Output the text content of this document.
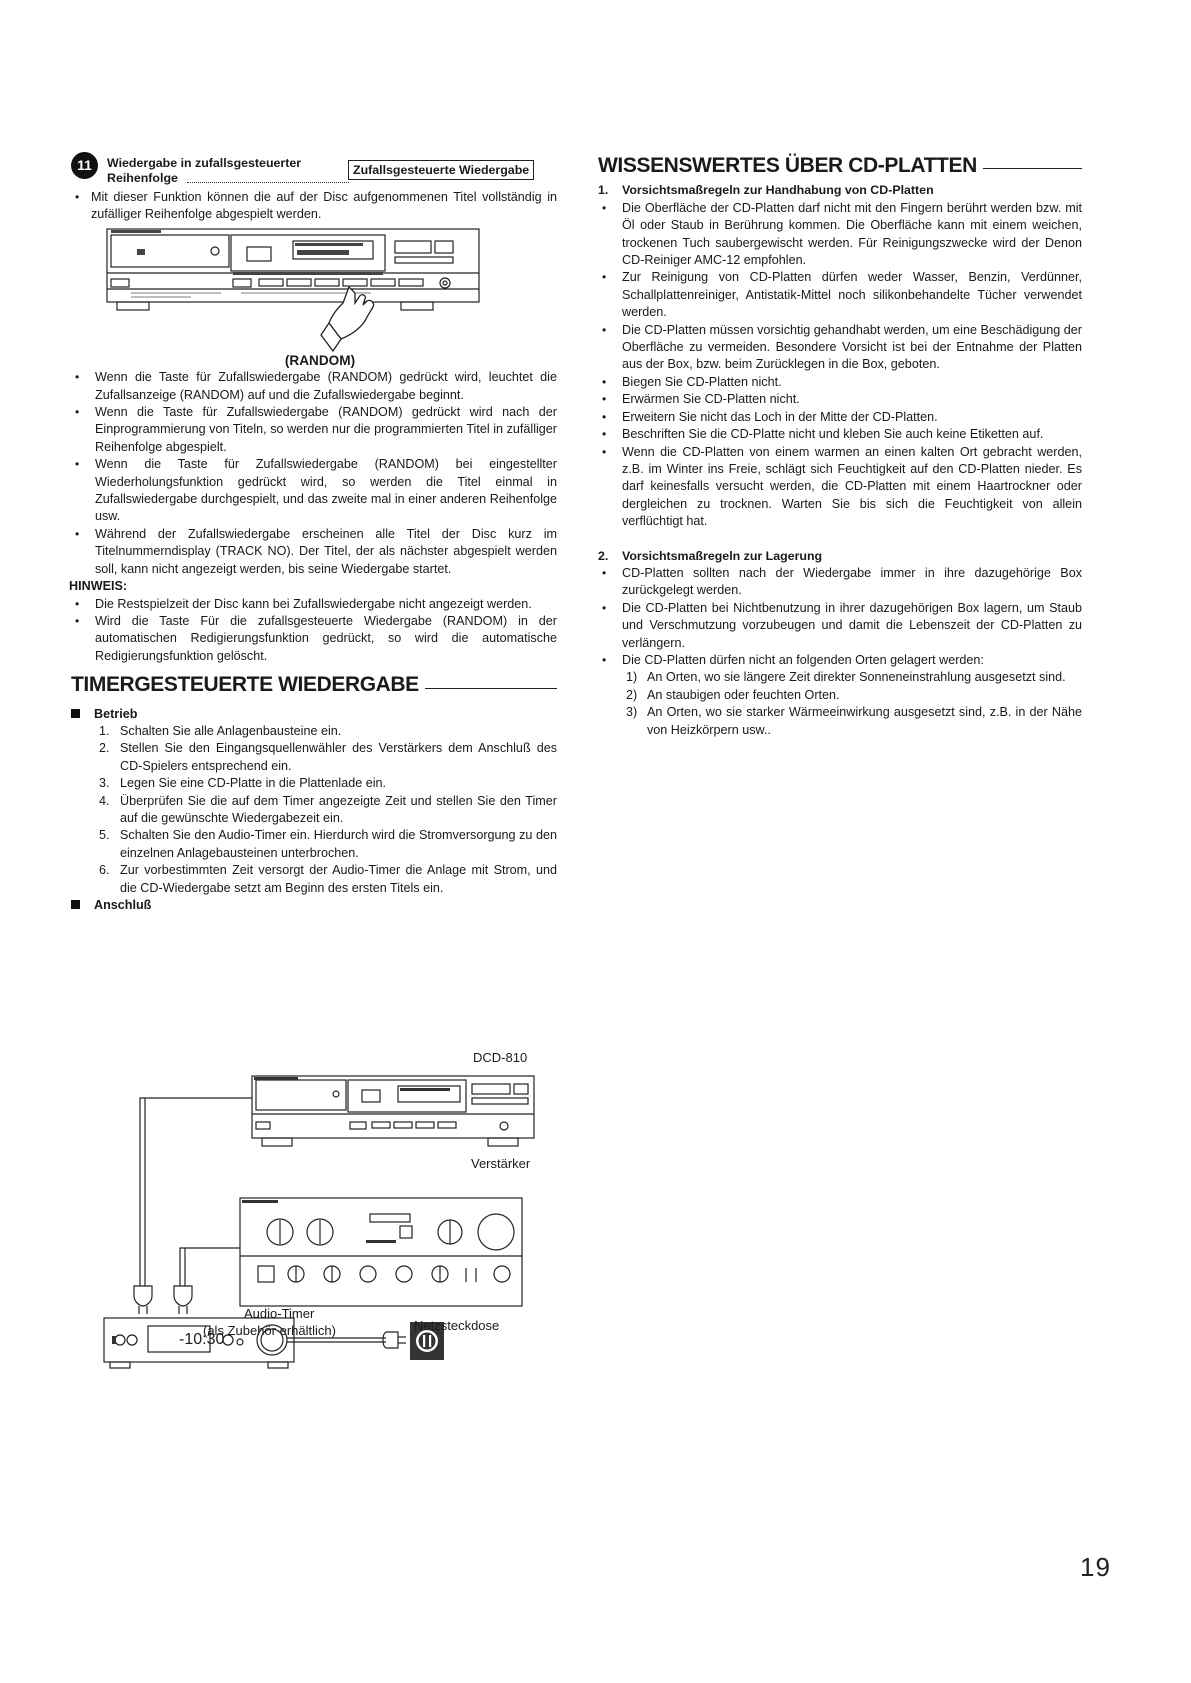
11	Wiedergabe in zufallsgesteuerter
Reihenfolge
Zufallsgesteuerte Wiedergabe
• Mit dieser Funktion können die auf der Disc aufgenommenen Titel vollständig in zufälliger Reihenfolge abgespielt werden.
(RANDOM)
• Wenn die Taste für Zufallswiedergabe (RANDOM) gedrückt wird, leuchtet die Zufallsanzeige (RANDOM) auf und die Zufallswiedergabe beginnt.
• Wenn die Taste für Zufallswiedergabe (RANDOM) gedrückt wird nach der Einprogrammierung von Titeln, so werden nur die programmierten Titel in zufälliger Reihenfolge abgespielt.
• Wenn die Taste für Zufallswiedergabe (RANDOM) bei eingestellter Wiederholungsfunktion gedrückt wird, so werden die Titel einmal in Zufallswiedergabe durchgespielt, und das zweite mal in einer anderen Reihenfolge usw.
• Während der Zufallswiedergabe erscheinen alle Titel der Disc kurz im Titelnummerndisplay (TRACK NO). Der Titel, der als nächster abgespielt werden soll, kann nicht angezeigt werden, bis seine Wiedergabe startet.
HINWEIS:
• Die Restspielzeit der Disc kann bei Zufallswiedergabe nicht angezeigt werden.
• Wird die Taste Für die zufallsgesteuerte Wiedergabe (RANDOM) in der automatischen Redigierungsfunktion gedrückt, so wird die automatische Redigierungsfunktion gelöscht.
TIMERGESTEUERTE WIEDERGABE
Betrieb
1. Schalten Sie alle Anlagenbausteine ein.
2. Stellen Sie den Eingangsquellenwähler des Verstärkers dem Anschluß des CD-Spielers entsprechend ein.
3. Legen Sie eine CD-Platte in die Plattenlade ein.
4. Überprüfen Sie die auf dem Timer angezeigte Zeit und stellen Sie den Timer auf die gewünschte Wiedergabezeit ein.
5. Schalten Sie den Audio-Timer ein. Hierdurch wird die Stromversorgung zu den einzelnen Anlagebausteinen unterbrochen.
6. Zur vorbestimmten Zeit versorgt der Audio-Timer die Anlage mit Strom, und die CD-Wiedergabe setzt am Beginn des ersten Titels ein.
Anschluß
-10:30
DCD-810
Verstärker
Audio-Timer
(als Zubehör erhältlich)	Netzsteckdose
WISSENSWERTES ÜBER CD-PLATTEN
1. Vorsichtsmaßregeln zur Handhabung von CD-Platten
• Die Oberfläche der CD-Platten darf nicht mit den Fingern berührt werden bzw. mit Öl oder Staub in Berührung kommen. Die Oberfläche kann mit einem weichen, trockenen Tuch saubergewischt werden. Für Reinigungszwecke wird der Denon CD-Reiniger AMC-12 empfohlen.
• Zur Reinigung von CD-Platten dürfen weder Wasser, Benzin, Verdünner, Schallplattenreiniger, Antistatik-Mittel noch silikonbehandelte Tücher verwendet werden.
• Die CD-Platten müssen vorsichtig gehandhabt werden, um eine Beschädigung der Oberfläche zu vermeiden. Besondere Vorsicht ist bei der Entnahme der Platten aus der Box, bzw. beim Zurücklegen in die Box, geboten.
• Biegen Sie CD-Platten nicht.
• Erwärmen Sie CD-Platten nicht.
• Erweitern Sie nicht das Loch in der Mitte der CD-Platten.
• Beschriften Sie die CD-Platte nicht und kleben Sie auch keine Etiketten auf.
• Wenn die CD-Platten von einem warmen an einen kalten Ort gebracht werden, z.B. im Winter ins Freie, schlägt sich Feuchtigkeit auf den CD-Platten nieder. Es darf keinesfalls versucht werden, die CD-Platten mit einem Haartrockner oder dergleichen zu trocknen. Warten Sie bis sich die Feuchtigkeit von allein verflüchtigt hat.
2. Vorsichtsmaßregeln zur Lagerung
• CD-Platten sollten nach der Wiedergabe immer in ihre dazugehörige Box zurückgelegt werden.
• Die CD-Platten bei Nichtbenutzung in ihrer dazugehörigen Box lagern, um Staub und Verschmutzung vorzubeugen und damit die Lebenszeit der CD-Platten zu verlängern.
• Die CD-Platten dürfen nicht an folgenden Orten gelagert werden:
1) An Orten, wo sie längere Zeit direkter Sonneneinstrahlung ausgesetzt sind.
2) An staubigen oder feuchten Orten.
3) An Orten, wo sie starker Wärmeeinwirkung ausgesetzt sind, z.B. in der Nähe von Heizkörpern usw..
19
